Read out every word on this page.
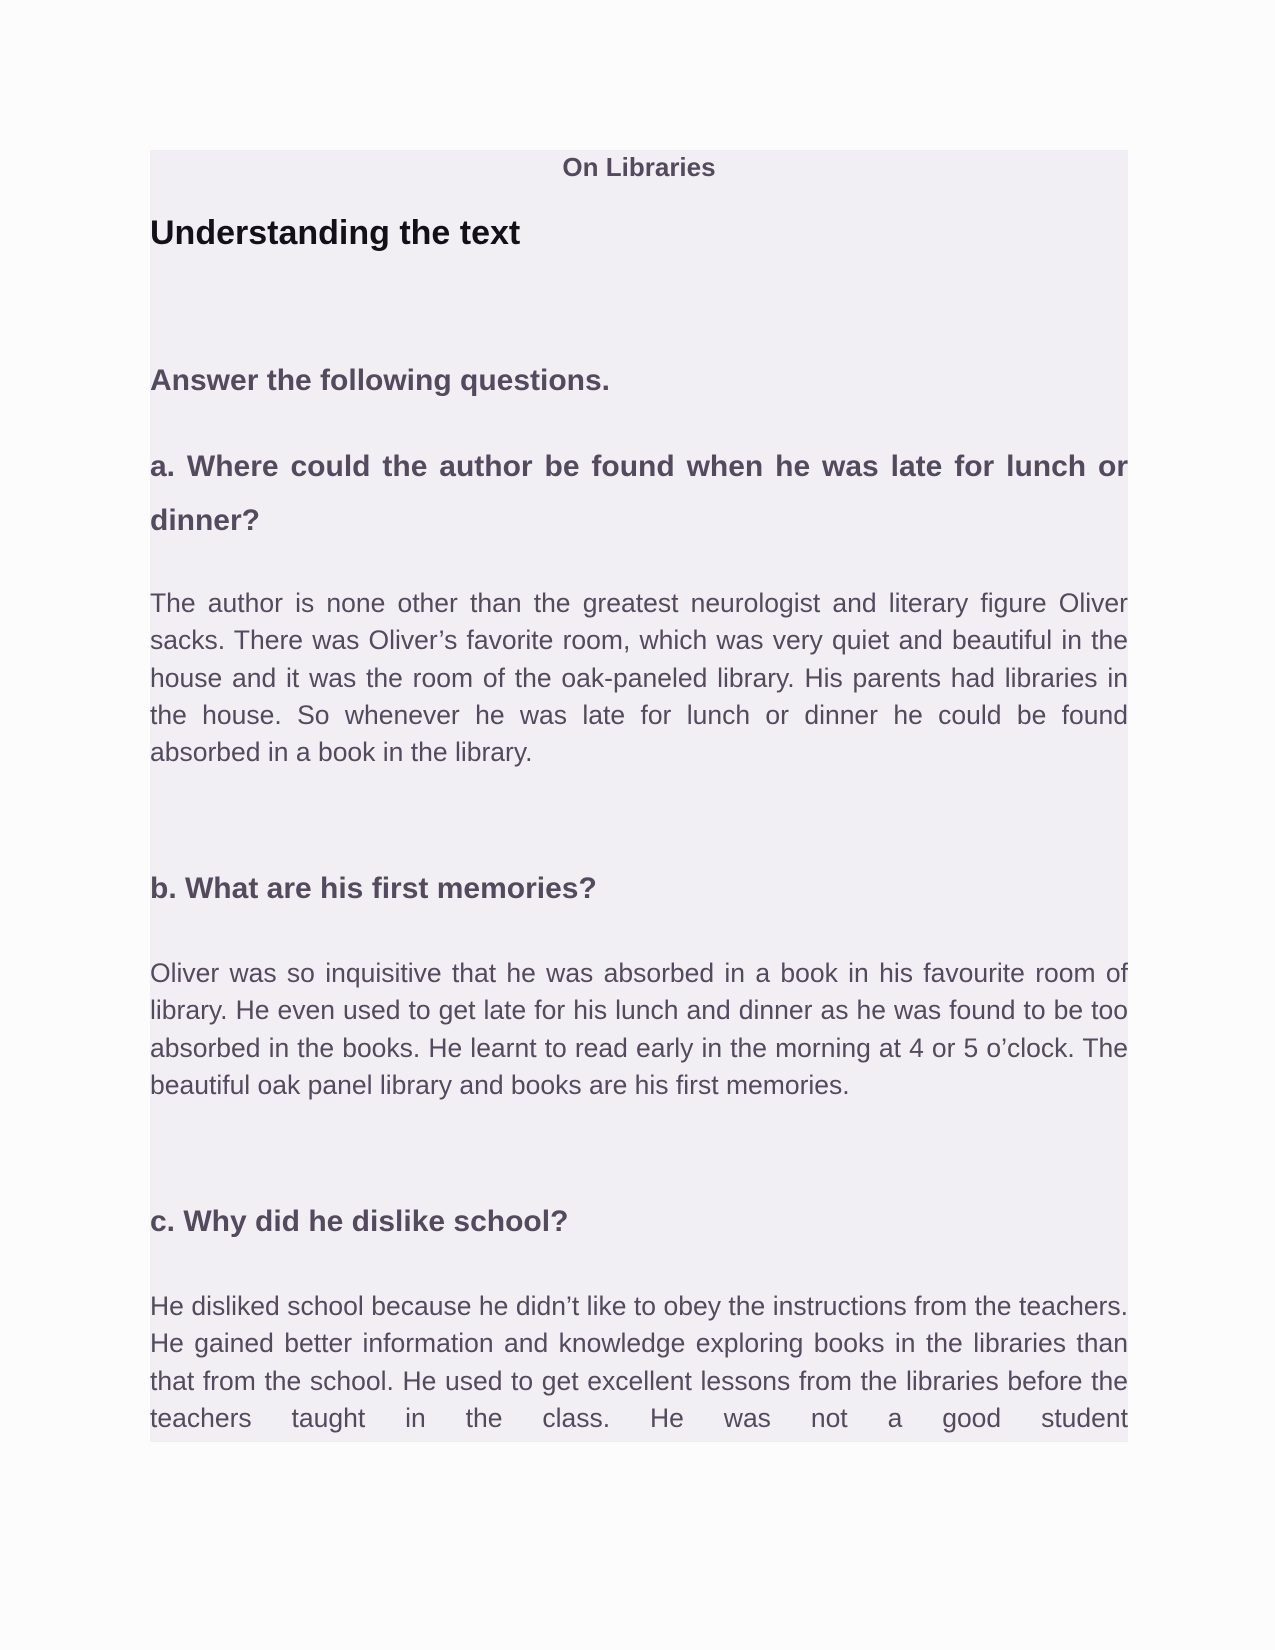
On Libraries
Understanding the text

Answer the following questions.

a. Where could the author be found when he was late for lunch or dinner?

The author is none other than the greatest neurologist and literary figure Oliver sacks. There was Oliver’s favorite room, which was very quiet and beautiful in the house and it was the room of the oak-paneled library. His parents had libraries in the house. So whenever he was late for lunch or dinner he could be found absorbed in a book in the library.

b. What are his first memories?

Oliver was so inquisitive that he was absorbed in a book in his favourite room of library. He even used to get late for his lunch and dinner as he was found to be too absorbed in the books. He learnt to read early in the morning at 4 or 5 o’clock. The beautiful oak panel library and books are his first memories.

c. Why did he dislike school?

He disliked school because he didn’t like to obey the instructions from the teachers. He gained better information and knowledge exploring books in the libraries than that from the school. He used to get excellent lessons from the libraries before the teachers taught in the class. He was not a good student
